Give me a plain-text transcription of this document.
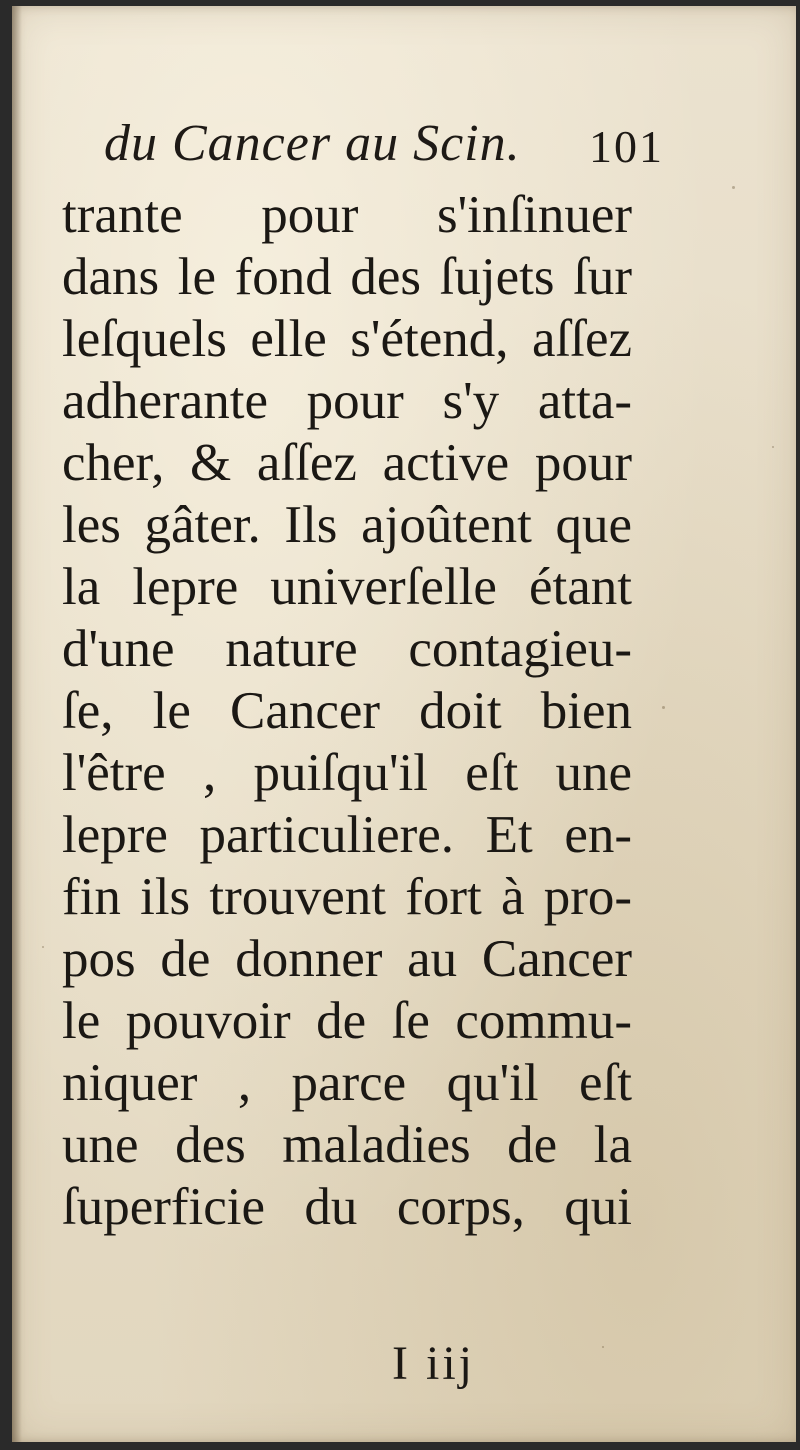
du Cancer au Scin. 101
trante pour s'inſinuer
dans le fond des ſujets ſur
leſquels elle s'étend, aſſez
adherante pour s'y atta-
cher, & aſſez active pour
les gâter. Ils ajoûtent que
la lepre univerſelle étant
d'une nature contagieu-
ſe, le Cancer doit bien
l'être , puiſqu'il eſt une
lepre particuliere. Et en-
fin ils trouvent fort à pro-
pos de donner au Cancer
le pouvoir de ſe commu-
niquer , parce qu'il eſt
une des maladies de la
ſuperficie du corps, qui
I iij
